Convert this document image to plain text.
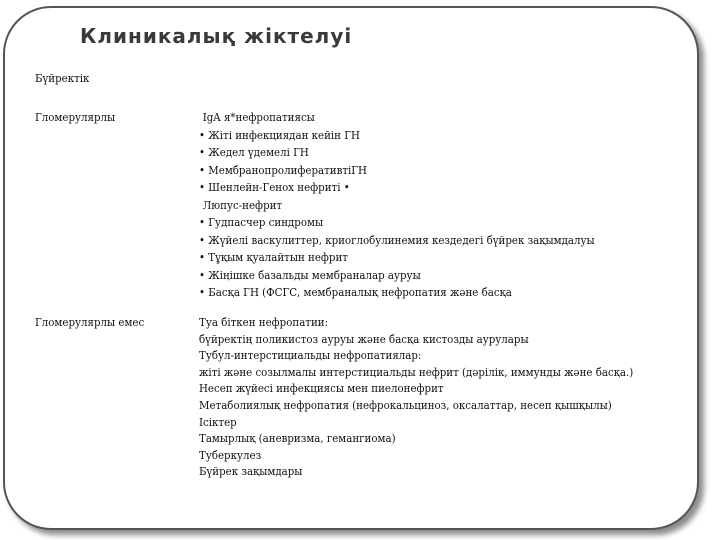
Клиникалық жіктелуі
Бүйректік
Гломерулярлы
Гломерулярлы емес
IgA я*нефропатиясы
• Жіті инфекциядан кейін ГН
• Жедел үдемелі ГН
• МембранопролиферативтіГН
• Шенлейн-Генох нефриті •
Люпус-нефрит
• Гудпасчер синдромы
• Жүйелі васкулиттер, криоглобулинемия кездедегі бүйрек зақымдалуы
• Тұқым қуалайтын нефрит
• Жіңішке базальды мембраналар ауруы
• Басқа ГН (ФСГС, мембраналық нефропатия және басқа
Туа біткен нефропатии:
бүйректің поликистоз ауруы және басқа кистозды аурулары
Тубул-интерстициальды нефропатиялар:
жіті және созылмалы интерстициальды нефрит (дәрілік, иммунды және басқа.)
Несеп жүйесі инфекциясы мен пиелонефрит
Метаболиялық нефропатия (нефрокальциноз, оксалаттар, несеп қышқылы)
Ісіктер
Тамырлық (аневризма, гемангиома)
Туберкулез
Бүйрек зақымдары
